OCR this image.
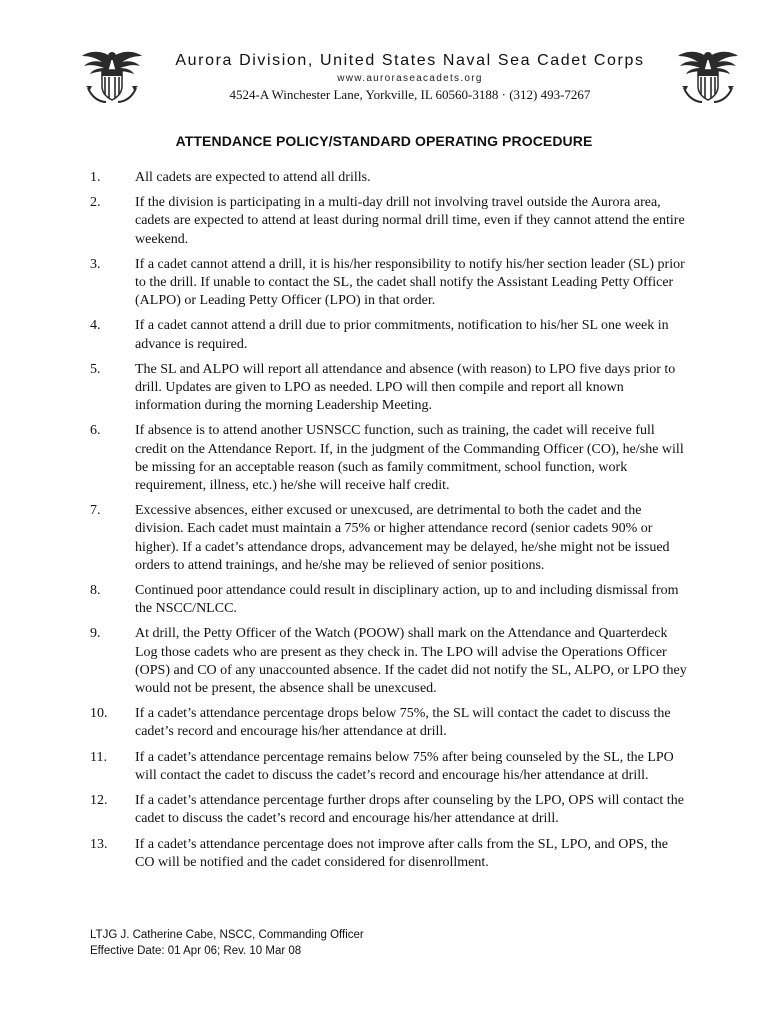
Aurora Division, United States Naval Sea Cadet Corps
www.auroraseacadets.org
4524-A Winchester Lane, Yorkville, IL 60560-3188 · (312) 493-7267
ATTENDANCE POLICY/STANDARD OPERATING PROCEDURE
1.	All cadets are expected to attend all drills.
2.	If the division is participating in a multi-day drill not involving travel outside the Aurora area, cadets are expected to attend at least during normal drill time, even if they cannot attend the entire weekend.
3.	If a cadet cannot attend a drill, it is his/her responsibility to notify his/her section leader (SL) prior to the drill. If unable to contact the SL, the cadet shall notify the Assistant Leading Petty Officer (ALPO) or Leading Petty Officer (LPO) in that order.
4.	If a cadet cannot attend a drill due to prior commitments, notification to his/her SL one week in advance is required.
5.	The SL and ALPO will report all attendance and absence (with reason) to LPO five days prior to drill. Updates are given to LPO as needed. LPO will then compile and report all known information during the morning Leadership Meeting.
6.	If absence is to attend another USNSCC function, such as training, the cadet will receive full credit on the Attendance Report. If, in the judgment of the Commanding Officer (CO), he/she will be missing for an acceptable reason (such as family commitment, school function, work requirement, illness, etc.) he/she will receive half credit.
7.	Excessive absences, either excused or unexcused, are detrimental to both the cadet and the division. Each cadet must maintain a 75% or higher attendance record (senior cadets 90% or higher). If a cadet’s attendance drops, advancement may be delayed, he/she might not be issued orders to attend trainings, and he/she may be relieved of senior positions.
8.	Continued poor attendance could result in disciplinary action, up to and including dismissal from the NSCC/NLCC.
9.	At drill, the Petty Officer of the Watch (POOW) shall mark on the Attendance and Quarterdeck Log those cadets who are present as they check in. The LPO will advise the Operations Officer (OPS) and CO of any unaccounted absence. If the cadet did not notify the SL, ALPO, or LPO they would not be present, the absence shall be unexcused.
10.	If a cadet’s attendance percentage drops below 75%, the SL will contact the cadet to discuss the cadet’s record and encourage his/her attendance at drill.
11.	If a cadet’s attendance percentage remains below 75% after being counseled by the SL, the LPO will contact the cadet to discuss the cadet’s record and encourage his/her attendance at drill.
12.	If a cadet’s attendance percentage further drops after counseling by the LPO, OPS will contact the cadet to discuss the cadet’s record and encourage his/her attendance at drill.
13.	If a cadet’s attendance percentage does not improve after calls from the SL, LPO, and OPS, the CO will be notified and the cadet considered for disenrollment.
LTJG J. Catherine Cabe, NSCC, Commanding Officer
Effective Date: 01 Apr 06; Rev. 10 Mar 08
